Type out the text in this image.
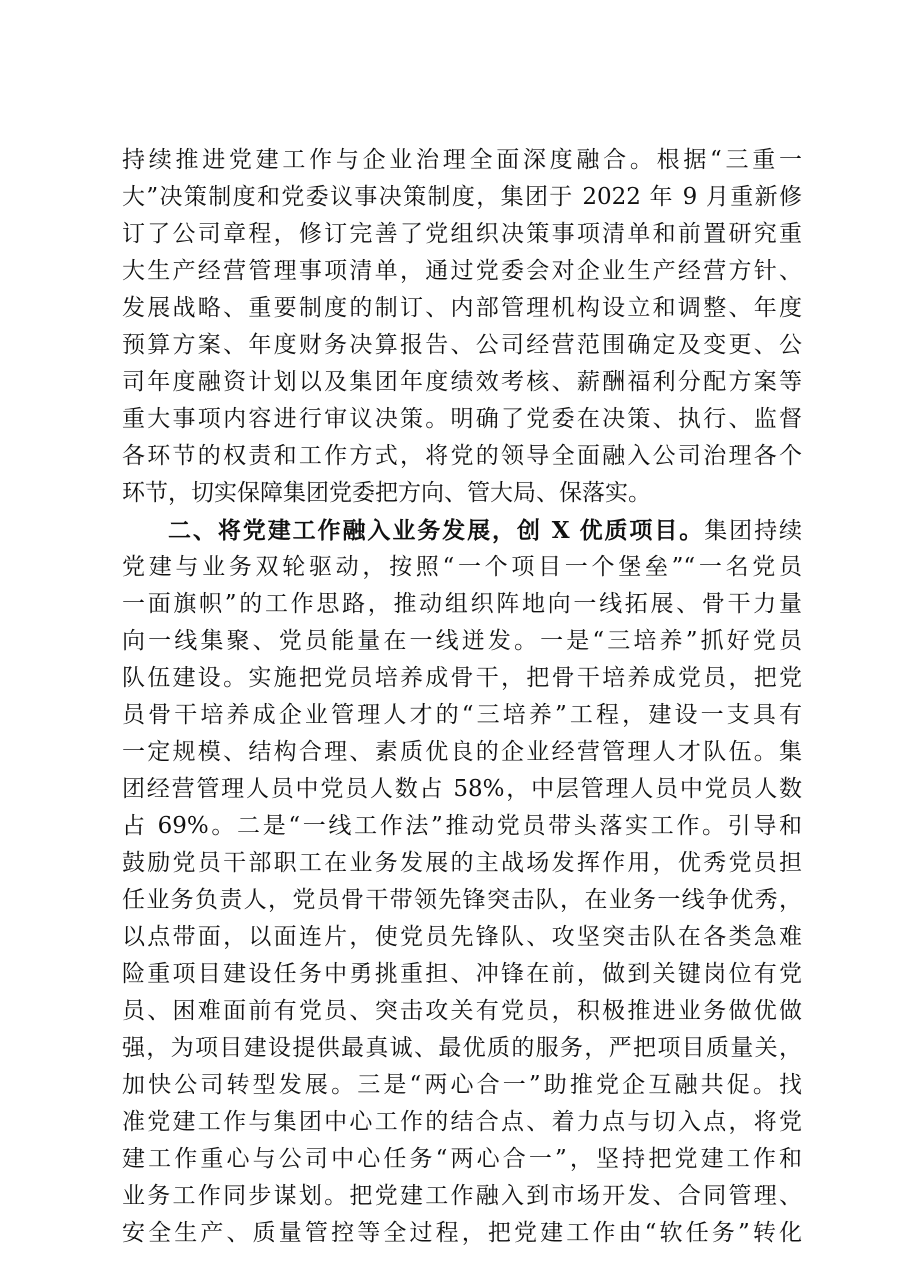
持续推进党建工作与企业治理全面深度融合。根据“三重一
大”决策制度和党委议事决策制度，集团于 2022 年 9 月重新修
订了公司章程，修订完善了党组织决策事项清单和前置研究重
大生产经营管理事项清单，通过党委会对企业生产经营方针、
发展战略、重要制度的制订、内部管理机构设立和调整、年度
预算方案、年度财务决算报告、公司经营范围确定及变更、公
司年度融资计划以及集团年度绩效考核、薪酬福利分配方案等
重大事项内容进行审议决策。明确了党委在决策、执行、监督
各环节的权责和工作方式，将党的领导全面融入公司治理各个
环节，切实保障集团党委把方向、管大局、保落实。
二、将党建工作融入业务发展，创 X 优质项目。集团持续
党建与业务双轮驱动，按照“一个项目一个堡垒”“一名党员
一面旗帜”的工作思路，推动组织阵地向一线拓展、骨干力量
向一线集聚、党员能量在一线迸发。一是“三培养”抓好党员
队伍建设。实施把党员培养成骨干，把骨干培养成党员，把党
员骨干培养成企业管理人才的“三培养”工程，建设一支具有
一定规模、结构合理、素质优良的企业经营管理人才队伍。集
团经营管理人员中党员人数占 58%，中层管理人员中党员人数
占 69%。二是“一线工作法”推动党员带头落实工作。引导和
鼓励党员干部职工在业务发展的主战场发挥作用，优秀党员担
任业务负责人，党员骨干带领先锋突击队，在业务一线争优秀，
以点带面，以面连片，使党员先锋队、攻坚突击队在各类急难
险重项目建设任务中勇挑重担、冲锋在前，做到关键岗位有党
员、困难面前有党员、突击攻关有党员，积极推进业务做优做
强，为项目建设提供最真诚、最优质的服务，严把项目质量关，
加快公司转型发展。三是“两心合一”助推党企互融共促。找
准党建工作与集团中心工作的结合点、着力点与切入点，将党
建工作重心与公司中心任务“两心合一”，坚持把党建工作和
业务工作同步谋划。把党建工作融入到市场开发、合同管理、
安全生产、质量管控等全过程，把党建工作由“软任务”转化
